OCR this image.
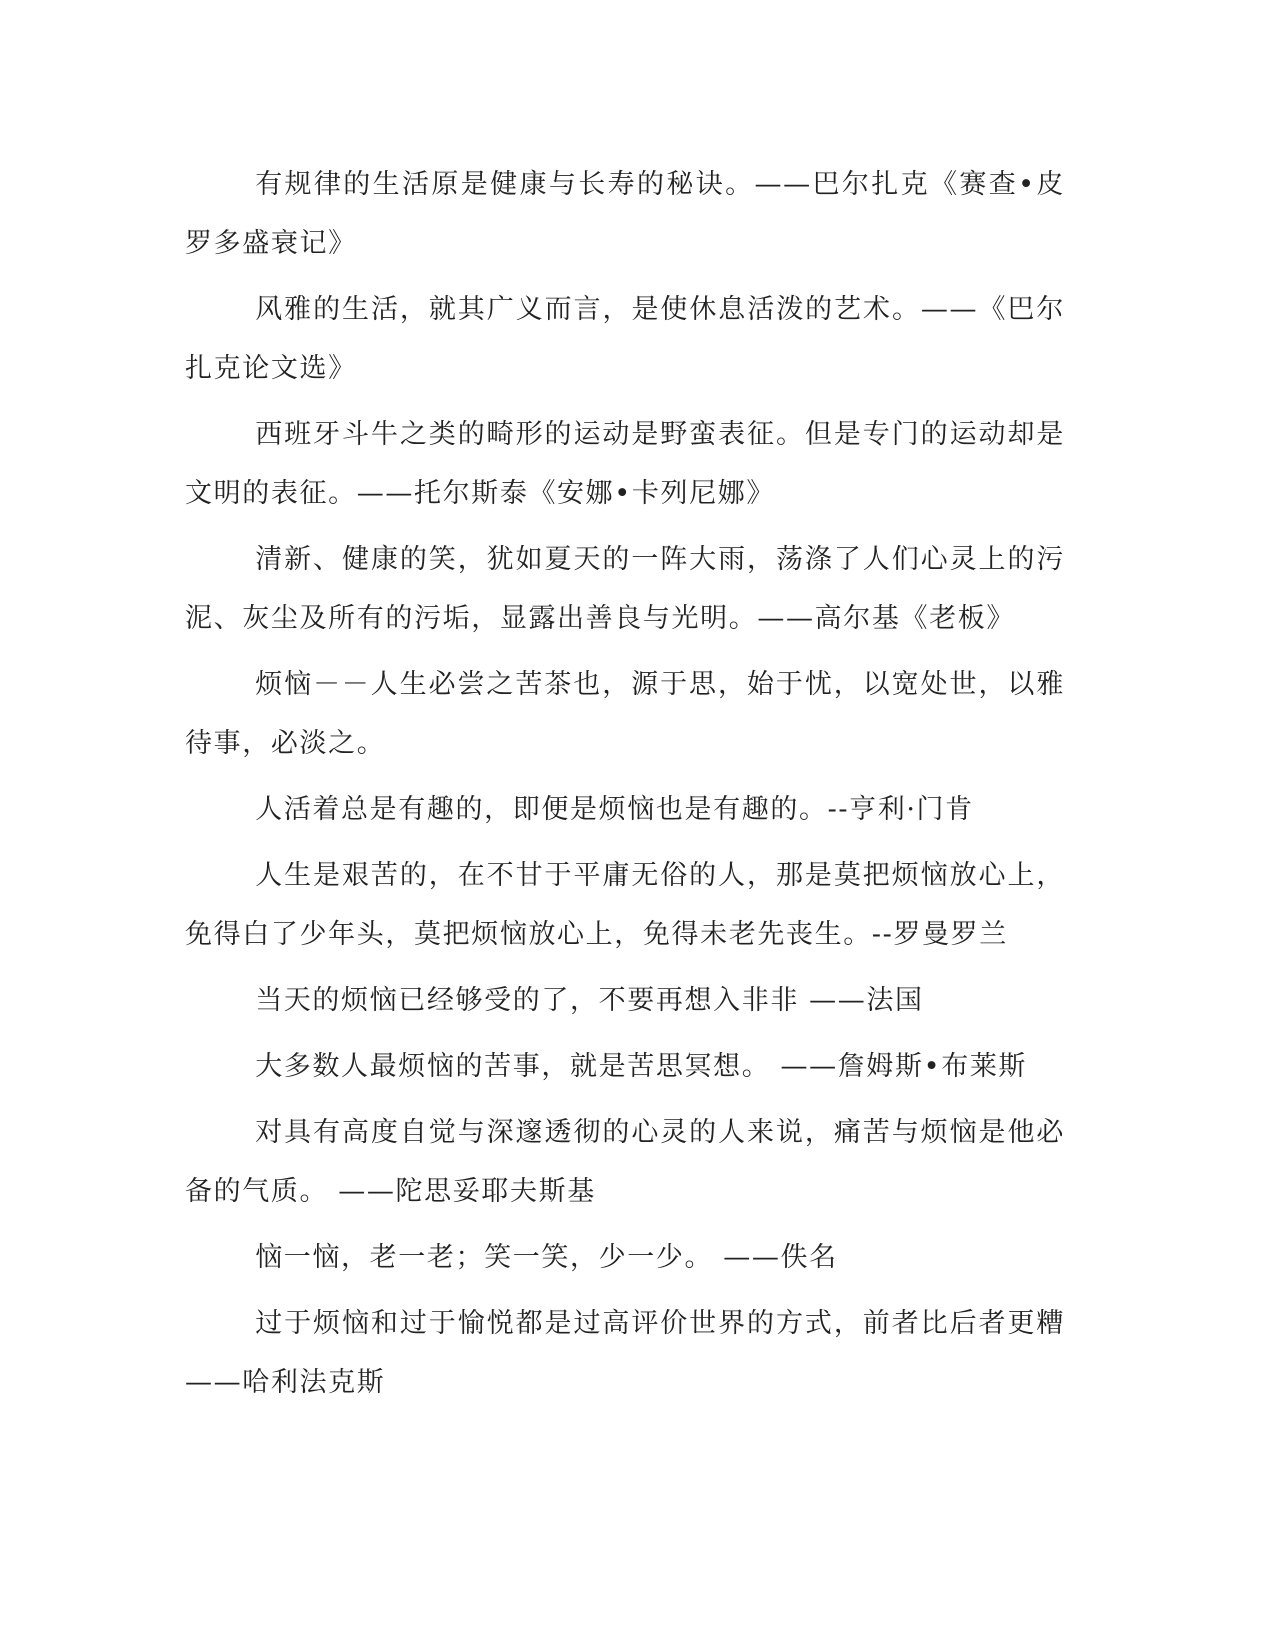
有规律的生活原是健康与长寿的秘诀。——巴尔扎克《赛查•皮罗多盛衰记》

风雅的生活，就其广义而言，是使休息活泼的艺术。——《巴尔扎克论文选》

西班牙斗牛之类的畸形的运动是野蛮表征。但是专门的运动却是文明的表征。——托尔斯泰《安娜•卡列尼娜》

清新、健康的笑，犹如夏天的一阵大雨，荡涤了人们心灵上的污泥、灰尘及所有的污垢，显露出善良与光明。——高尔基《老板》

烦恼－－人生必尝之苦茶也，源于思，始于忧，以宽处世，以雅待事，必淡之。

人活着总是有趣的，即便是烦恼也是有趣的。--亨利·门肯

人生是艰苦的，在不甘于平庸无俗的人，那是莫把烦恼放心上，免得白了少年头，莫把烦恼放心上，免得未老先丧生。--罗曼罗兰

当天的烦恼已经够受的了，不要再想入非非 ——法国

大多数人最烦恼的苦事，就是苦思冥想。 ——詹姆斯•布莱斯

对具有高度自觉与深邃透彻的心灵的人来说，痛苦与烦恼是他必备的气质。 ——陀思妥耶夫斯基

恼一恼，老一老；笑一笑，少一少。 ——佚名

过于烦恼和过于愉悦都是过高评价世界的方式，前者比后者更糟——哈利法克斯
